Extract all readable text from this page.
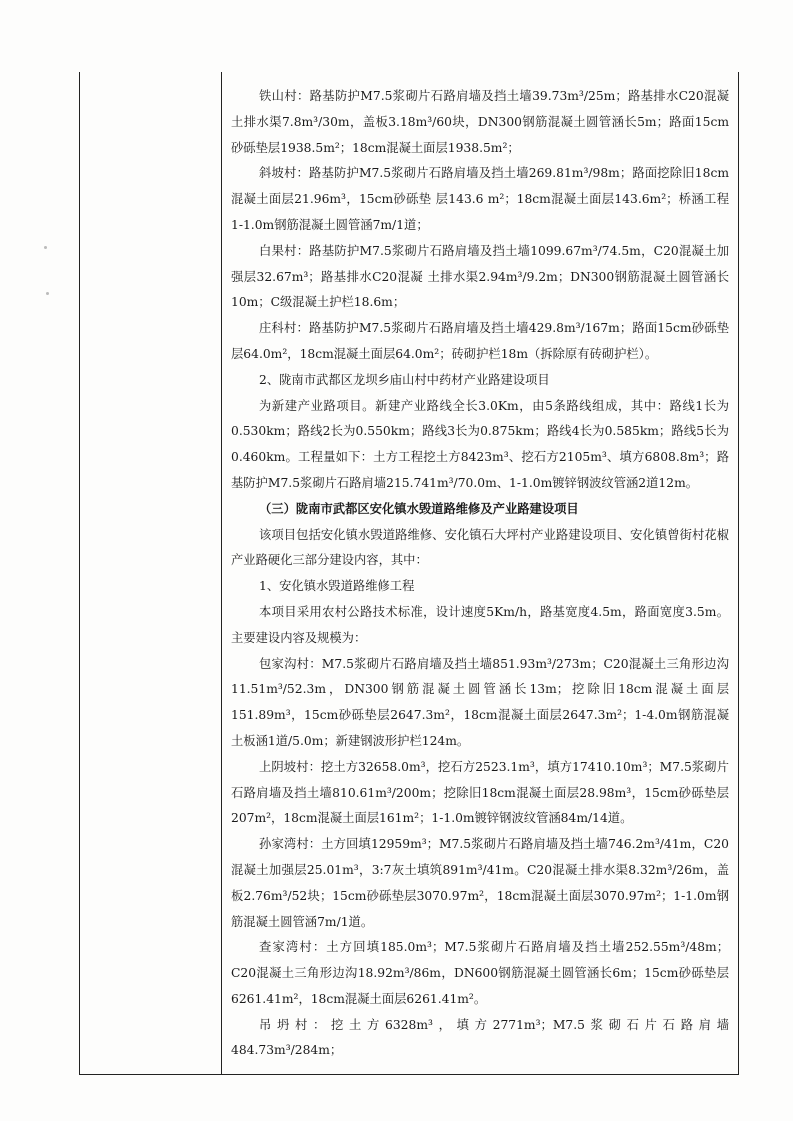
铁山村：路基防护M7.5浆砌片石路肩墙及挡土墙39.73m³/25m；路基排水C20混凝土排水渠7.8m³/30m，盖板3.18m³/60块，DN300钢筋混凝土圆管涵长5m；路面15cm砂砾垫层1938.5m²；18cm混凝土面层1938.5m²；

斜坡村：路基防护M7.5浆砌片石路肩墙及挡土墙269.81m³/98m；路面挖除旧18cm混凝土面层21.96m³，15cm砂砾垫 层143.6 m²；18cm混凝土面层143.6m²；桥涵工程1-1.0m钢筋混凝土圆管涵7m/1道；

白果村：路基防护M7.5浆砌片石路肩墙及挡土墙1099.67m³/74.5m，C20混凝土加强层32.67m³；路基排水C20混凝 土排水渠2.94m³/9.2m；DN300钢筋混凝土圆管涵长10m；C级混凝土护栏18.6m；

庄科村：路基防护M7.5浆砌片石路肩墙及挡土墙429.8m³/167m；路面15cm砂砾垫层64.0m²，18cm混凝土面层64.0m²；砖砌护栏18m（拆除原有砖砌护栏）。

2、陇南市武都区龙坝乡庙山村中药材产业路建设项目

为新建产业路项目。新建产业路线全长3.0Km，由5条路线组成，其中：路线1长为0.530km；路线2长为0.550km；路线3长为0.875km；路线4长为0.585km；路线5长为0.460km。工程量如下：土方工程挖土方8423m³、挖石方2105m³、填方6808.8m³；路基防护M7.5浆砌片石路肩墙215.741m³/70.0m、1-1.0m镀锌钢波纹管涵2道12m。

（三）陇南市武都区安化镇水毁道路维修及产业路建设项目

该项目包括安化镇水毁道路维修、安化镇石大坪村产业路建设项目、安化镇曾街村花椒产业路硬化三部分建设内容，其中：

1、安化镇水毁道路维修工程

本项目采用农村公路技术标准，设计速度5Km/h，路基宽度4.5m，路面宽度3.5m。主要建设内容及规模为：

包家沟村：M7.5浆砌片石路肩墙及挡土墙851.93m³/273m；C20混凝土三角形边沟11.51m³/52.3m，DN300钢筋混凝土圆管涵长13m；挖除旧18cm混凝土面层151.89m³，15cm砂砾垫层2647.3m²，18cm混凝土面层2647.3m²；1-4.0m钢筋混凝土板涵1道/5.0m；新建钢波形护栏124m。

上阴坡村：挖土方32658.0m³，挖石方2523.1m³，填方17410.10m³；M7.5浆砌片石路肩墙及挡土墙810.61m³/200m；挖除旧18cm混凝土面层28.98m³，15cm砂砾垫层207m²，18cm混凝土面层161m²；1-1.0m镀锌钢波纹管涵84m/14道。

孙家湾村：土方回填12959m³；M7.5浆砌片石路肩墙及挡土墙746.2m³/41m，C20混凝土加强层25.01m³，3:7灰土填筑891m³/41m。C20混凝土排水渠8.32m³/26m，盖板2.76m³/52块；15cm砂砾垫层3070.97m²，18cm混凝土面层3070.97m²；1-1.0m钢筋混凝土圆管涵7m/1道。

查家湾村：土方回填185.0m³；M7.5浆砌片石路肩墙及挡土墙252.55m³/48m；C20混凝土三角形边沟18.92m³/86m，DN600钢筋混凝土圆管涵长6m；15cm砂砾垫层6261.41m²，18cm混凝土面层6261.41m²。

吊坍村：挖土方6328m³，填方2771m³；M7.5浆砌石片石路肩墙484.73m³/284m；
